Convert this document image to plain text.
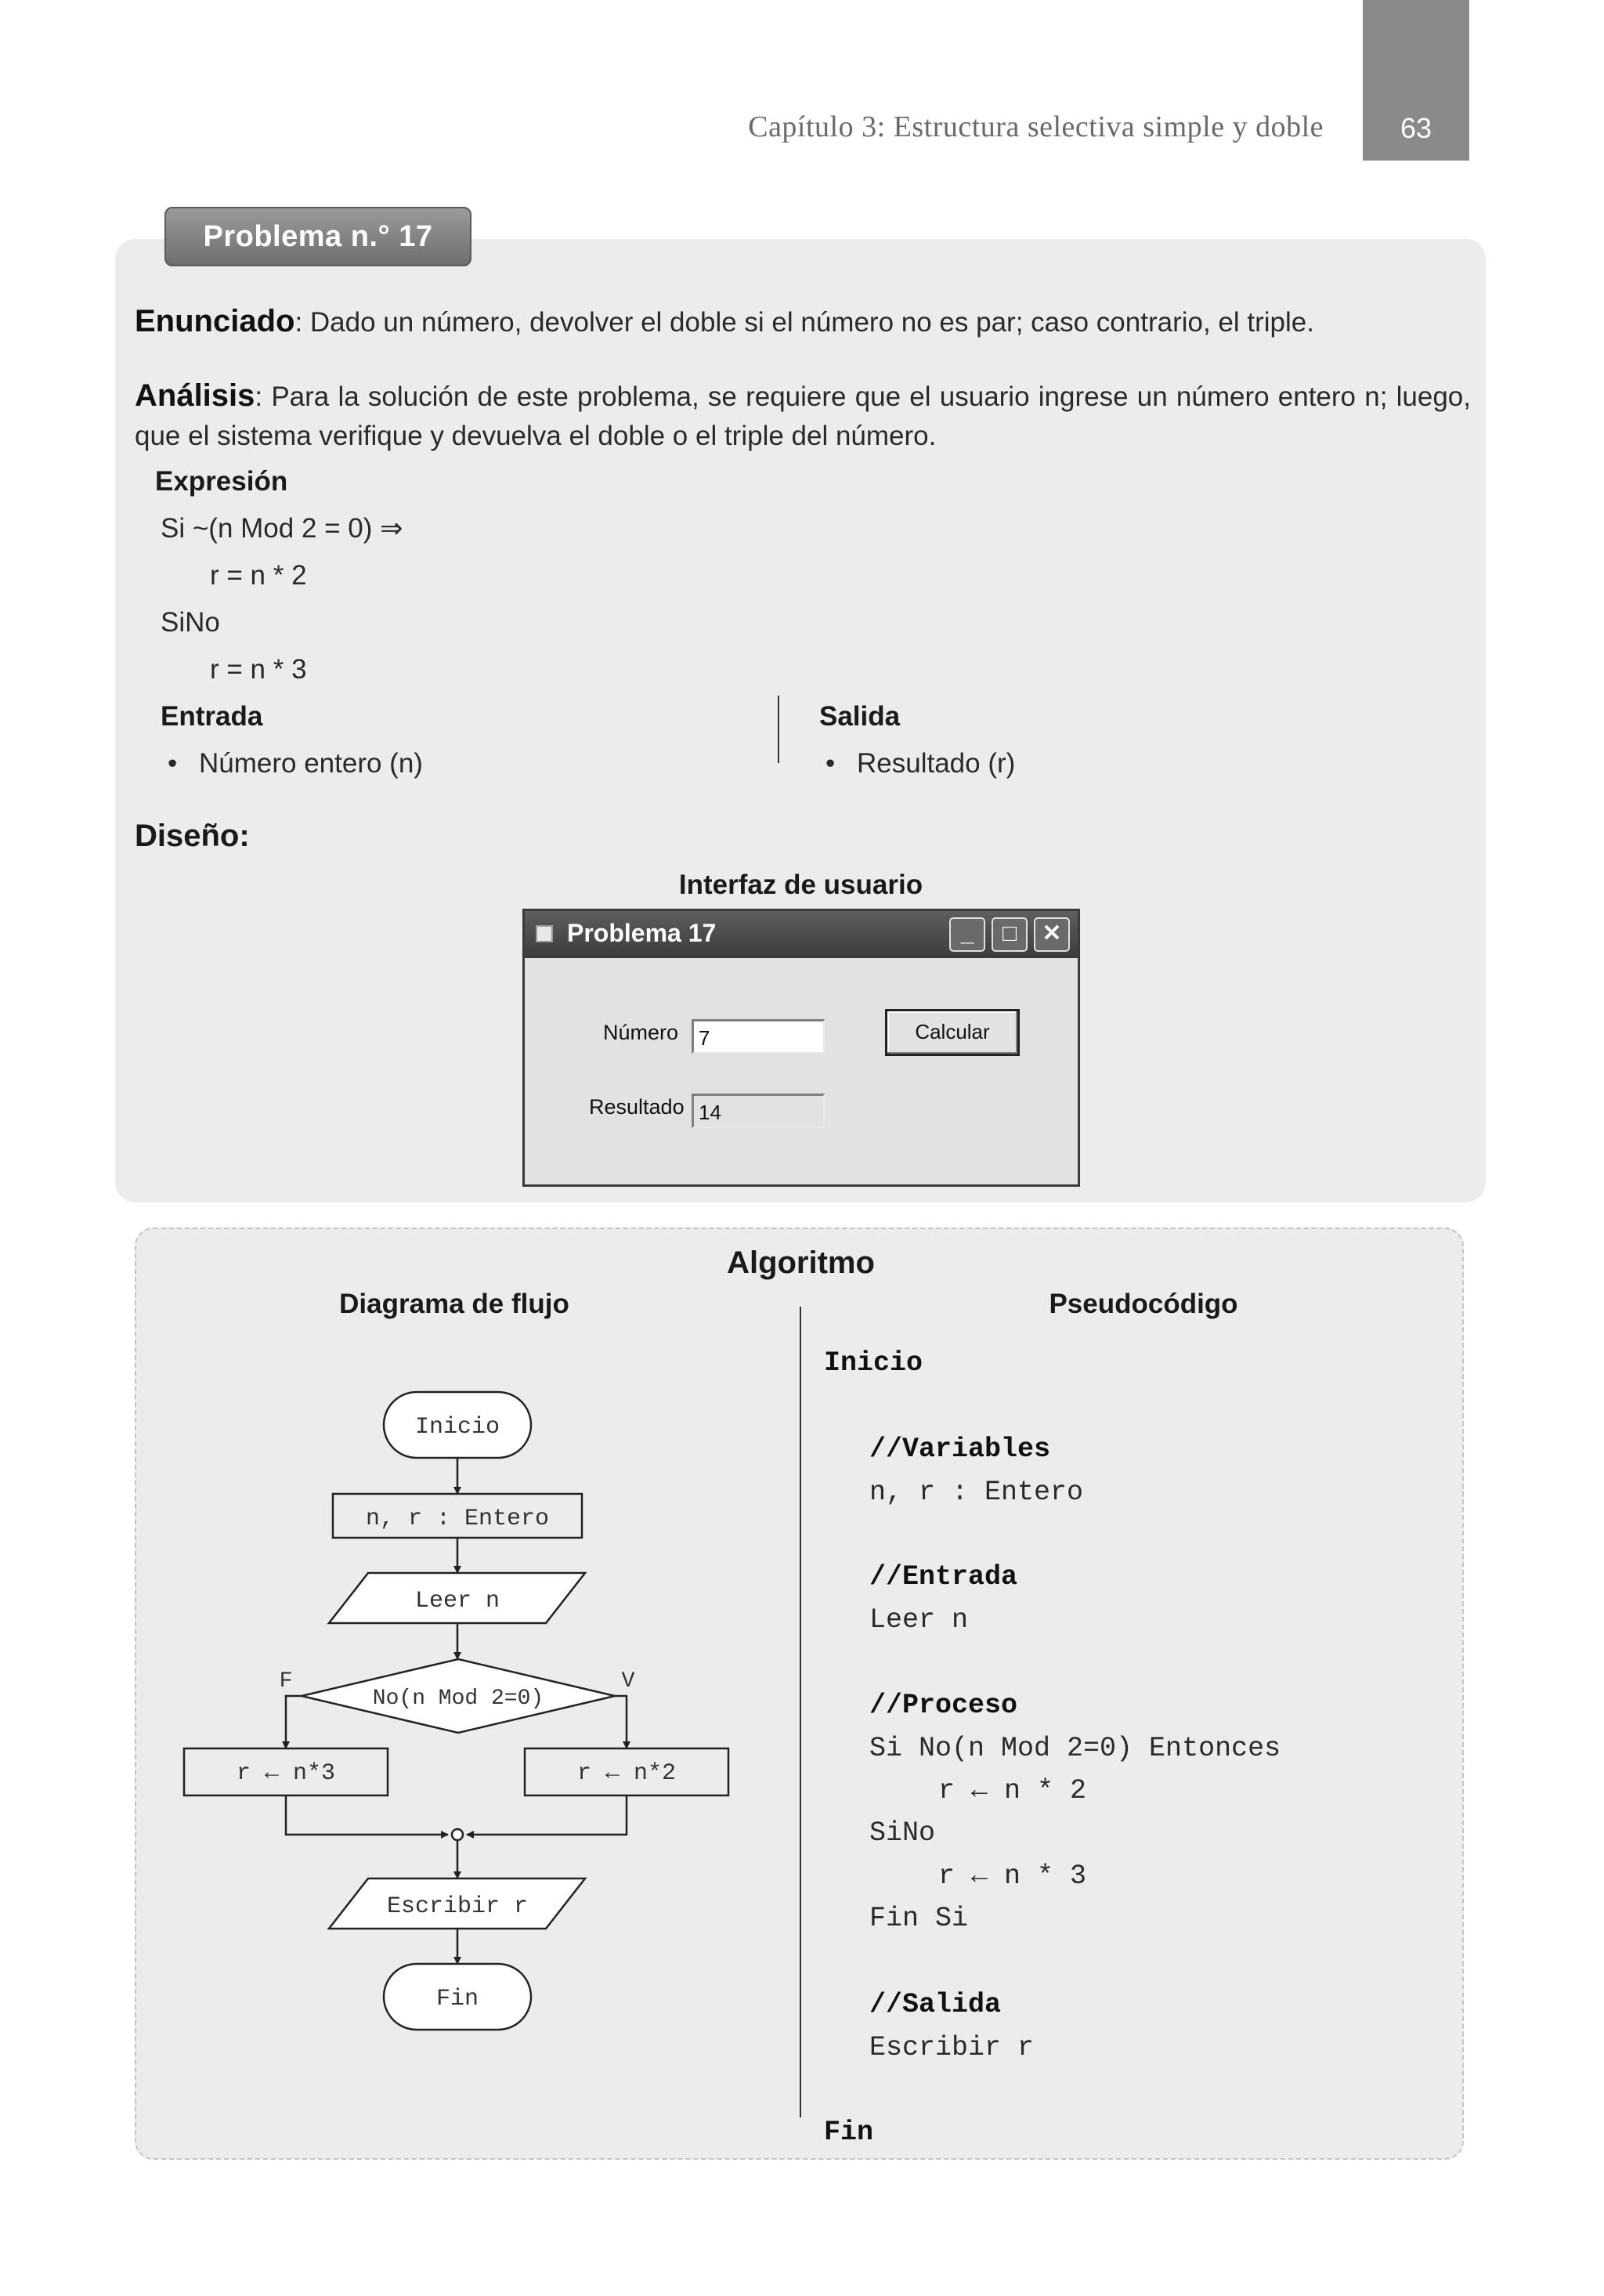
Capítulo 3: Estructura selectiva simple y doble	63
Problema n.° 17
Enunciado: Dado un número, devolver el doble si el número no es par; caso contrario, el triple.
Análisis: Para la solución de este problema, se requiere que el usuario ingrese un número entero n; luego, que el sistema verifique y devuelva el doble o el triple del número.
Expresión
Si ~(n Mod 2 = 0) ⇒
r = n * 2
SiNo
r = n * 3
Entrada
• Número entero (n)
Salida
• Resultado (r)
Diseño:
Interfaz de usuario
Problema 17	_	□	✕
Número 7
Resultado 14
Calcular
Algoritmo
Diagrama de flujo	Pseudocódigo
Inicio
n, r : Entero
Leer n
No(n Mod 2=0)
F	V
r ← n*3	r ← n*2
Escribir r
Fin
Inicio
//Variables
n, r : Entero
//Entrada
Leer n
//Proceso
Si No(n Mod 2=0) Entonces
r ← n * 2
SiNo
r ← n * 3
Fin Si
//Salida
Escribir r
Fin
